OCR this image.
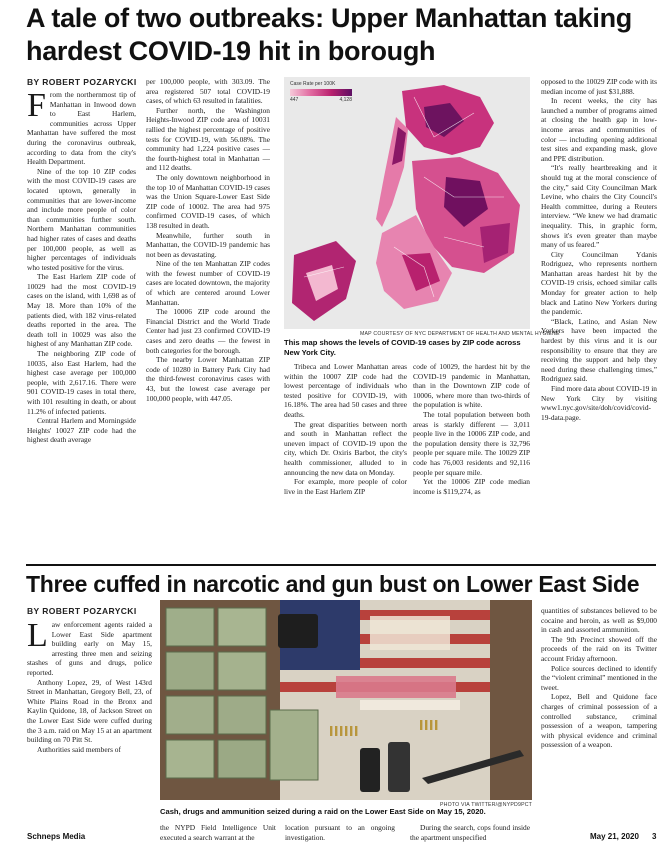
A tale of two outbreaks: Upper Manhattan taking hardest COVID-19 hit in borough
BY ROBERT POZARYCKI
F rom the northernmost tip of Manhattan in Inwood down to East Harlem, communities across Upper Manhattan have suffered the most during the coronavirus outbreak, according to data from the city's Health Department.

Nine of the top 10 ZIP codes with the most COVID-19 cases are located uptown, generally in communities that are lower-income and include more people of color than communities further south. Northern Manhattan communities had higher rates of cases and deaths per 100,000 people, as well as higher percentages of individuals who tested positive for the virus.

The East Harlem ZIP code of 10029 had the most COVID-19 cases on the island, with 1,698 as of May 18. More than 10% of the patients died, with 182 virus-related deaths reported in the area. The death toll in 10029 was also the highest of any Manhattan ZIP code.

The neighboring ZIP code of 10035, also East Harlem, had the highest case average per 100,000 people, with 2,617.16. There were 901 COVID-19 cases in total there, with 101 resulting in death, or about 11.2% of infected patients.

Central Harlem and Morningside Heights' 10027 ZIP code had the highest death average

per 100,000 people, with 303.09. The area registered 507 total COVID-19 cases, of which 63 resulted in fatalities.

Further north, the Washington Heights-Inwood ZIP code area of 10031 rallied the highest percentage of positive tests for COVID-19, with 56.08%. The community had 1,224 positive cases — the fourth-highest total in Manhattan — and 112 deaths.

The only downtown neighborhood in the top 10 of Manhattan COVID-19 cases was the Union Square-Lower East Side ZIP code of 10002. The area had 975 confirmed COVID-19 cases, of which 138 resulted in death.

Meanwhile, further south in Manhattan, the COVID-19 pandemic has not been as devastating.

Nine of the ten Manhattan ZIP codes with the fewest number of COVID-19 cases are located downtown, the majority of which are centered around Lower Manhattan.

The 10006 ZIP code around the Financial District and the World Trade Center had just 23 confirmed COVID-19 cases and zero deaths — the fewest in both categories for the borough.

The nearby Lower Manhattan ZIP code of 10280 in Battery Park City had the third-fewest coronavirus cases with 43, but the lowest case average per 100,000 people, with 447.05.

Case Rate per 100K
447	4,128
MAP COURTESY OF NYC DEPARTMENT OF HEALTH AND MENTAL HYGIENE
This map shows the levels of COVID-19 cases by ZIP code across New York City.

Tribeca and Lower Manhattan areas within the 10007 ZIP code had the lowest percentage of individuals who tested positive for COVID-19, with 16.18%. The area had 50 cases and three deaths.

The great disparities between north and south in Manhattan reflect the uneven impact of COVID-19 upon the city, which Dr. Oxiris Barbot, the city's health commissioner, alluded to in announcing the new data on Monday.

For example, more people of color live in the East Harlem ZIP

code of 10029, the hardest hit by the COVID-19 pandemic in Manhattan, than in the Downtown ZIP code of 10006, where more than two-thirds of the population is white.

The total population between both areas is starkly different — 3,011 people live in the 10006 ZIP code, and the population density there is 32,796 people per square mile. The 10029 ZIP code has 76,003 residents and 92,116 people per square mile.

Yet the 10006 ZIP code median income is $119,274, as

opposed to the 10029 ZIP code with its median income of just $31,888.

In recent weeks, the city has launched a number of programs aimed at closing the health gap in low-income areas and communities of color — including opening additional test sites and expanding mask, glove and PPE distribution.

“It's really heartbreaking and it should tug at the moral conscience of the city,” said City Councilman Mark Levine, who chairs the City Council's Health committee, during a Reuters interview. “We knew we had dramatic inequality. This, in graphic form, shows it's even greater than maybe many of us feared.”

City Councilman Ydanis Rodriguez, who represents northern Manhattan areas hardest hit by the COVID-19 crisis, echoed similar calls Monday for greater action to help black and Latino New Yorkers during the pandemic.

“Black, Latino, and Asian New Yorkers have been impacted the hardest by this virus and it is our responsibility to ensure that they are receiving the support and help they need during these challenging times,” Rodriguez said.

Find more data about COVID-19 in New York City by visiting www1.nyc.gov/site/doh/covid/covid-19-data.page.

Three cuffed in narcotic and gun bust on Lower East Side
BY ROBERT POZARYCKI
L aw enforcement agents raided a Lower East Side apartment building early on May 15, arresting three men and seizing stashes of guns and drugs, police reported.

Anthony Lopez, 29, of West 143rd Street in Manhattan, Gregory Bell, 23, of White Plains Road in the Bronx and Kaylin Quidone, 18, of Jackson Street on the Lower East Side were cuffed during the 3 a.m. raid on May 15 at an apartment building on 70 Pitt St.

Authorities said members of

PHOTO VIA TWITTER/@NYPD9PCT
Cash, drugs and ammunition seized during a raid on the Lower East Side on May 15, 2020.

the NYPD Field Intelligence Unit executed a search warrant at the

location pursuant to an ongoing investigation.

During the search, cops found inside the apartment unspecified

quantities of substances believed to be cocaine and heroin, as well as $9,000 in cash and assorted ammunition.

The 9th Precinct showed off the proceeds of the raid on its Twitter account Friday afternoon.

Police sources declined to identify the “violent criminal” mentioned in the tweet.

Lopez, Bell and Quidone face charges of criminal possession of a controlled substance, criminal possession of a weapon, tampering with physical evidence and criminal possession of a weapon.

Schneps Media	May 21, 2020 3
